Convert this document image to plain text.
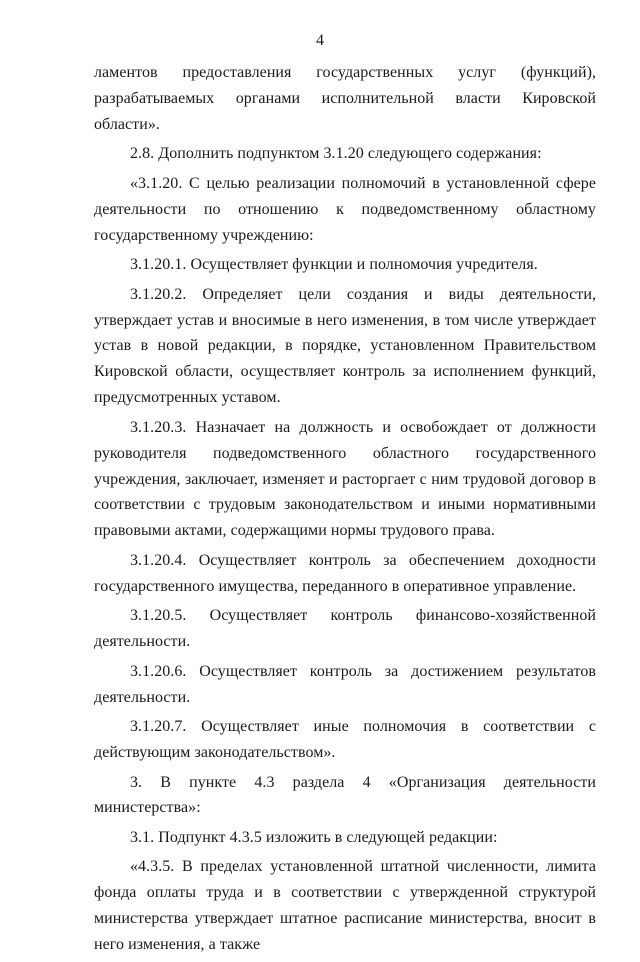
4

ламентов предоставления государственных услуг (функций), разрабатываемых органами исполнительной власти Кировской области».

2.8. Дополнить подпунктом 3.1.20 следующего содержания:

«3.1.20. С целью реализации полномочий в установленной сфере деятельности по отношению к подведомственному областному государственному учреждению:

3.1.20.1. Осуществляет функции и полномочия учредителя.

3.1.20.2. Определяет цели создания и виды деятельности, утверждает устав и вносимые в него изменения, в том числе утверждает устав в новой редакции, в порядке, установленном Правительством Кировской области, осуществляет контроль за исполнением функций, предусмотренных уставом.

3.1.20.3. Назначает на должность и освобождает от должности руководителя подведомственного областного государственного учреждения, заключает, изменяет и расторгает с ним трудовой договор в соответствии с трудовым законодательством и иными нормативными правовыми актами, содержащими нормы трудового права.

3.1.20.4. Осуществляет контроль за обеспечением доходности государственного имущества, переданного в оперативное управление.

3.1.20.5. Осуществляет контроль финансово-хозяйственной деятельности.

3.1.20.6. Осуществляет контроль за достижением результатов деятельности.

3.1.20.7. Осуществляет иные полномочия в соответствии с действующим законодательством».

3. В пункте 4.3 раздела 4 «Организация деятельности министерства»:

3.1. Подпункт 4.3.5 изложить в следующей редакции:

«4.3.5. В пределах установленной штатной численности, лимита фонда оплаты труда и в соответствии с утвержденной структурой министерства утверждает штатное расписание министерства, вносит в него изменения, а также
